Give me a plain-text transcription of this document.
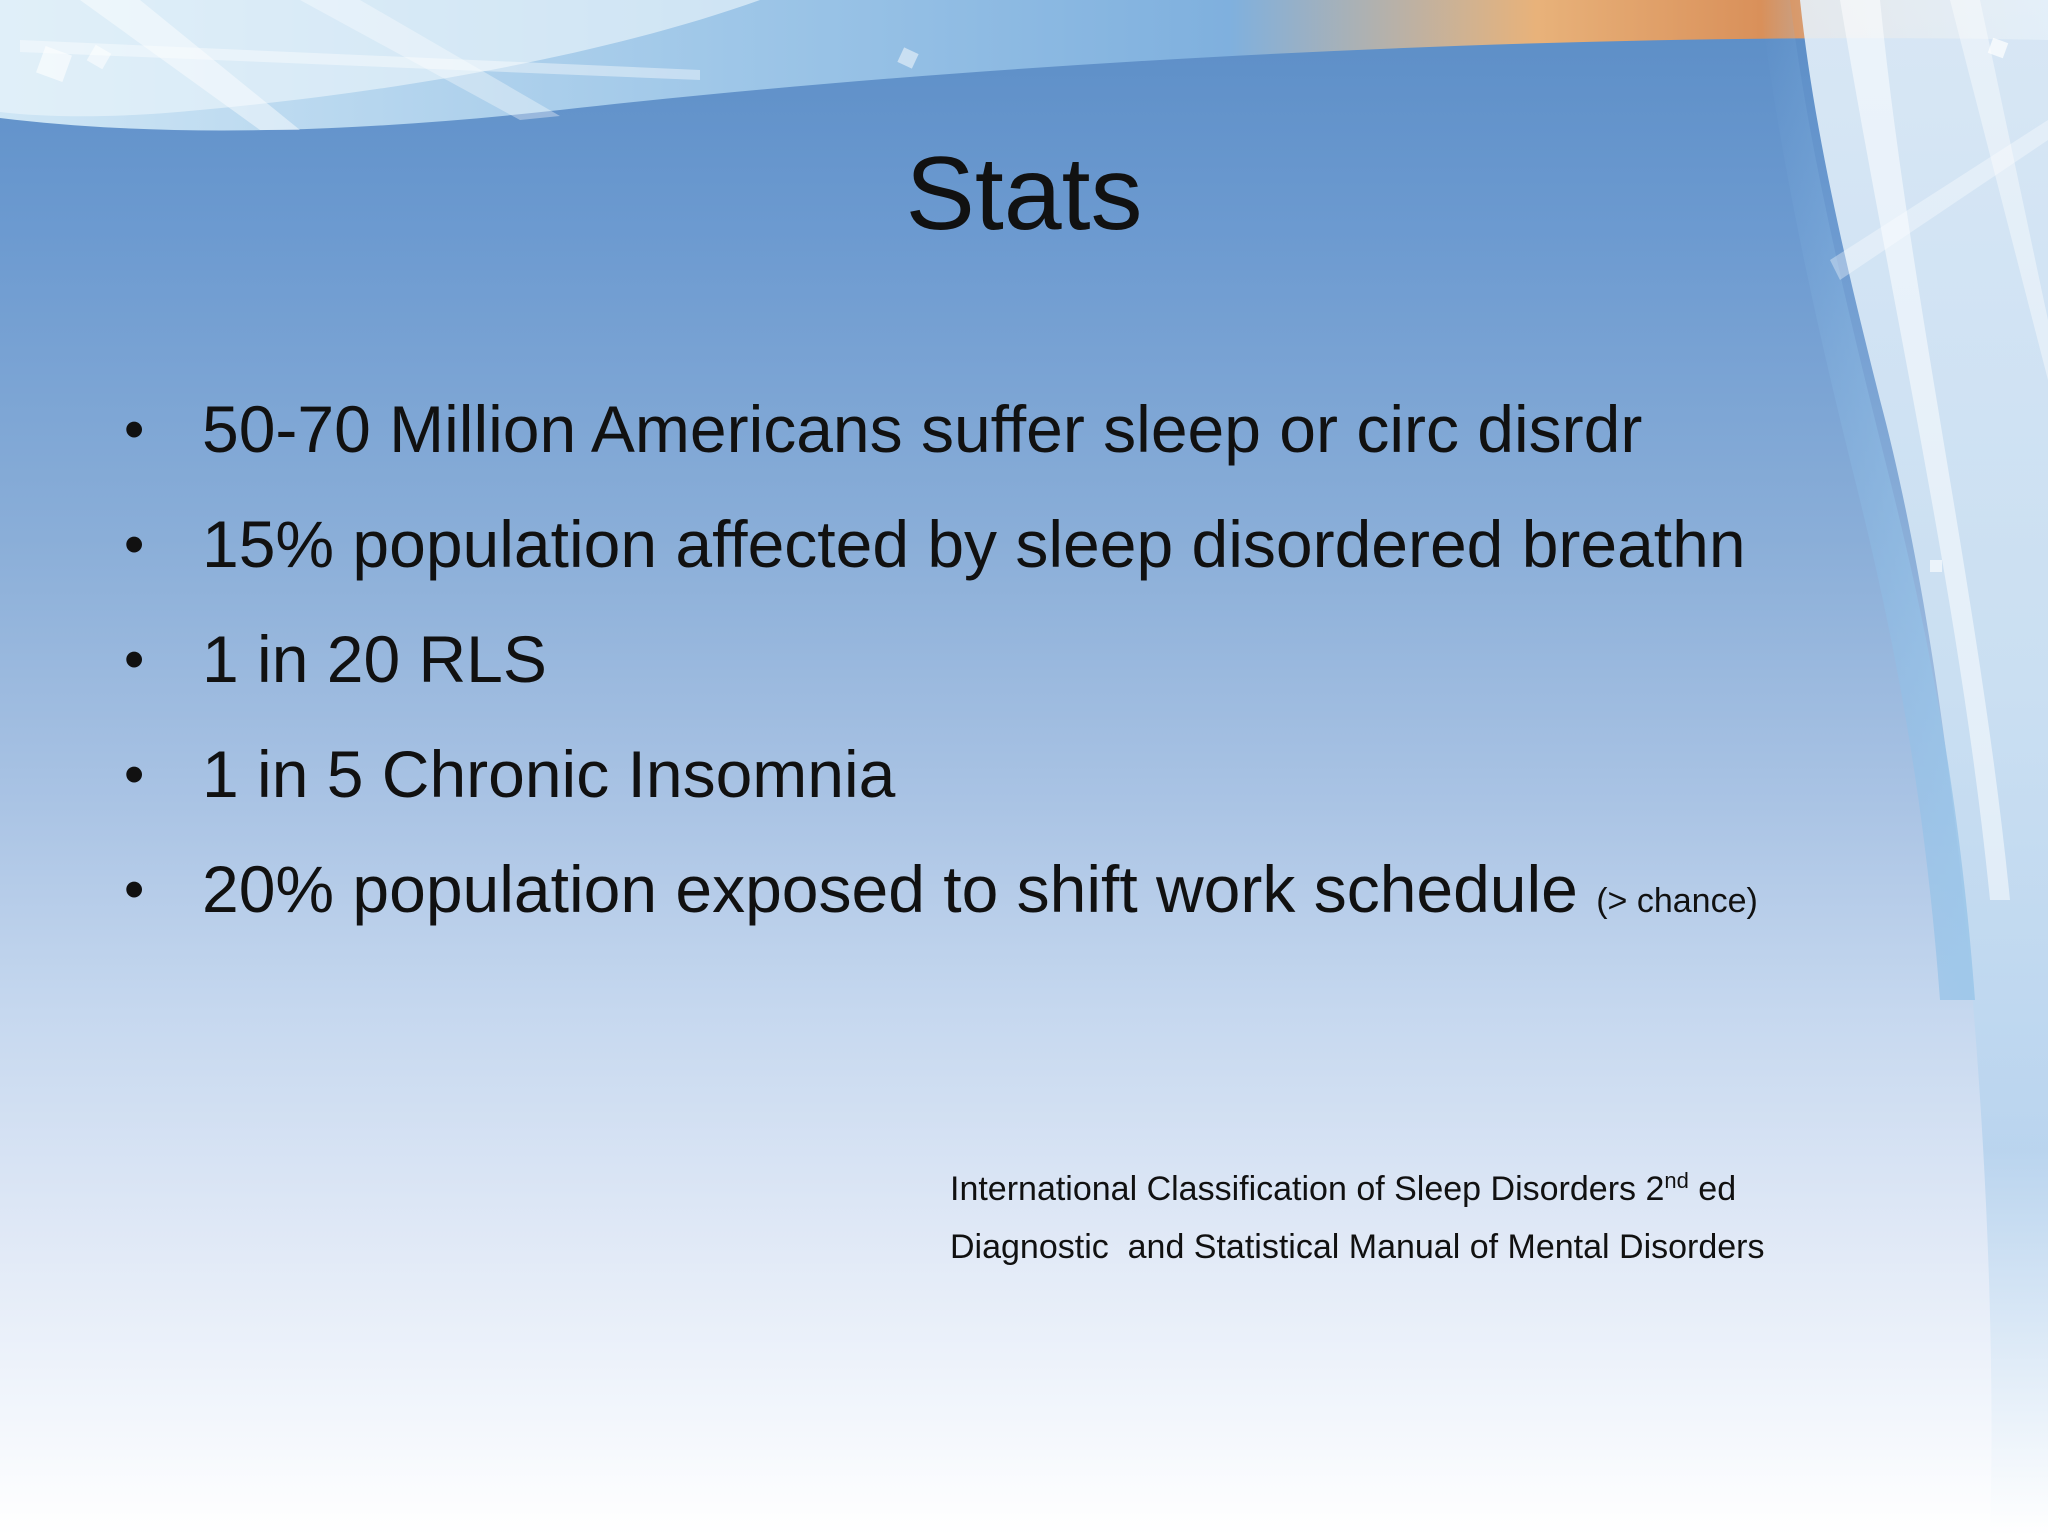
Stats
• 50-70 Million Americans suffer sleep or circ disrdr
• 15% population affected by sleep disordered breathn
• 1 in 20 RLS
• 1 in 5 Chronic Insomnia
• 20% population exposed to shift work schedule (> chance)
International Classification of Sleep Disorders 2nd ed
Diagnostic  and Statistical Manual of Mental Disorders
